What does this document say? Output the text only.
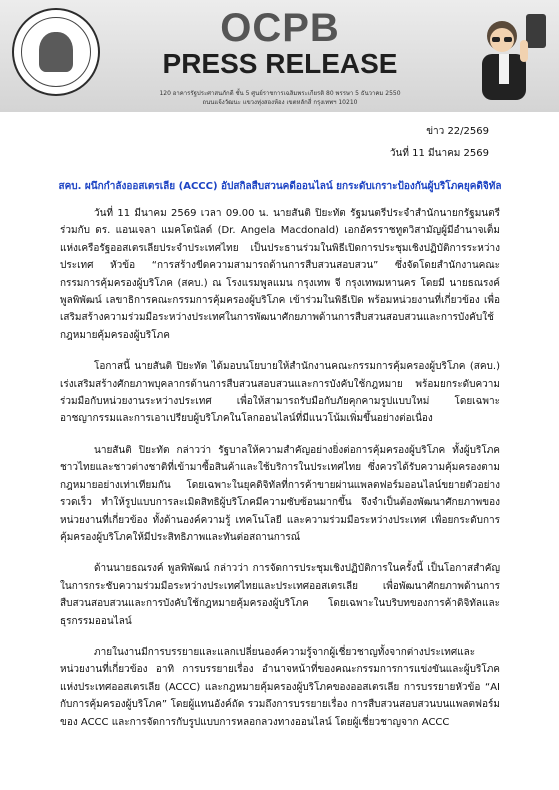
OCPB
PRESS RELEASE
120 อาคารรัฐประศาสนภักดี ชั้น 5 ศูนย์ราชการเฉลิมพระเกียรติ 80 พรรษา 5 ธันวาคม 2550
ถนนแจ้งวัฒนะ แขวงทุ่งสองห้อง เขตหลักสี่ กรุงเทพฯ 10210
ข่าว 22/2569
วันที่ 11 มีนาคม 2569
สคบ. ผนึกกำลังออสเตรเลีย (ACCC) อัปสกิลสืบสวนคดีออนไลน์ ยกระดับเกราะป้องกันผู้บริโภคยุคดิจิทัล

วันที่ 11 มีนาคม 2569 เวลา 09.00 น. นายสันติ ปิยะทัต รัฐมนตรีประจำสำนักนายกรัฐมนตรี ร่วมกับ ดร. แอนเจลา แมคโดนัลด์ (Dr. Angela Macdonald) เอกอัครราชทูตวิสามัญผู้มีอำนาจเต็มแห่งเครือรัฐออสเตรเลียประจำประเทศไทย เป็นประธานร่วมในพิธีเปิดการประชุมเชิงปฏิบัติการระหว่างประเทศ หัวข้อ “การสร้างขีดความสามารถด้านการสืบสวนสอบสวน” ซึ่งจัดโดยสำนักงานคณะกรรมการคุ้มครองผู้บริโภค (สคบ.) ณ โรงแรมพูลแมน กรุงเทพ จี กรุงเทพมหานคร โดยมี นายธณรงค์ พูลพิพัฒน์ เลขาธิการคณะกรรมการคุ้มครองผู้บริโภค เข้าร่วมในพิธีเปิด พร้อมหน่วยงานที่เกี่ยวข้อง เพื่อเสริมสร้างความร่วมมือระหว่างประเทศในการพัฒนาศักยภาพด้านการสืบสวนสอบสวนและการบังคับใช้กฎหมายคุ้มครองผู้บริโภค

โอกาสนี้ นายสันติ ปิยะทัต ได้มอบนโยบายให้สำนักงานคณะกรรมการคุ้มครองผู้บริโภค (สคบ.) เร่งเสริมสร้างศักยภาพบุคลากรด้านการสืบสวนสอบสวนและการบังคับใช้กฎหมาย พร้อมยกระดับความร่วมมือกับหน่วยงานระหว่างประเทศ เพื่อให้สามารถรับมือกับภัยคุกคามรูปแบบใหม่ โดยเฉพาะอาชญากรรมและการเอาเปรียบผู้บริโภคในโลกออนไลน์ที่มีแนวโน้มเพิ่มขึ้นอย่างต่อเนื่อง

นายสันติ ปิยะทัต กล่าวว่า รัฐบาลให้ความสำคัญอย่างยิ่งต่อการคุ้มครองผู้บริโภค ทั้งผู้บริโภคชาวไทยและชาวต่างชาติที่เข้ามาซื้อสินค้าและใช้บริการในประเทศไทย ซึ่งควรได้รับความคุ้มครองตามกฎหมายอย่างเท่าเทียมกัน โดยเฉพาะในยุคดิจิทัลที่การค้าขายผ่านแพลตฟอร์มออนไลน์ขยายตัวอย่างรวดเร็ว ทำให้รูปแบบการละเมิดสิทธิผู้บริโภคมีความซับซ้อนมากขึ้น จึงจำเป็นต้องพัฒนาศักยภาพของหน่วยงานที่เกี่ยวข้อง ทั้งด้านองค์ความรู้ เทคโนโลยี และความร่วมมือระหว่างประเทศ เพื่อยกระดับการคุ้มครองผู้บริโภคให้มีประสิทธิภาพและทันต่อสถานการณ์

ด้านนายธณรงค์ พูลพิพัฒน์ กล่าวว่า การจัดการประชุมเชิงปฏิบัติการในครั้งนี้ เป็นโอกาสสำคัญในการกระชับความร่วมมือระหว่างประเทศไทยและประเทศออสเตรเลีย เพื่อพัฒนาศักยภาพด้านการสืบสวนสอบสวนและการบังคับใช้กฎหมายคุ้มครองผู้บริโภค โดยเฉพาะในบริบทของการค้าดิจิทัลและธุรกรรมออนไลน์

ภายในงานมีการบรรยายและแลกเปลี่ยนองค์ความรู้จากผู้เชี่ยวชาญทั้งจากต่างประเทศและหน่วยงานที่เกี่ยวข้อง อาทิ การบรรยายเรื่อง อำนาจหน้าที่ของคณะกรรมการการแข่งขันและผู้บริโภคแห่งประเทศออสเตรเลีย (ACCC) และกฎหมายคุ้มครองผู้บริโภคของออสเตรเลีย การบรรยายหัวข้อ “AI กับการคุ้มครองผู้บริโภค” โดยผู้แทนอังค์ถัด รวมถึงการบรรยายเรื่อง การสืบสวนสอบสวนบนแพลตฟอร์มของ ACCC และการจัดการกับรูปแบบการหลอกลวงทางออนไลน์ โดยผู้เชี่ยวชาญจาก ACCC
